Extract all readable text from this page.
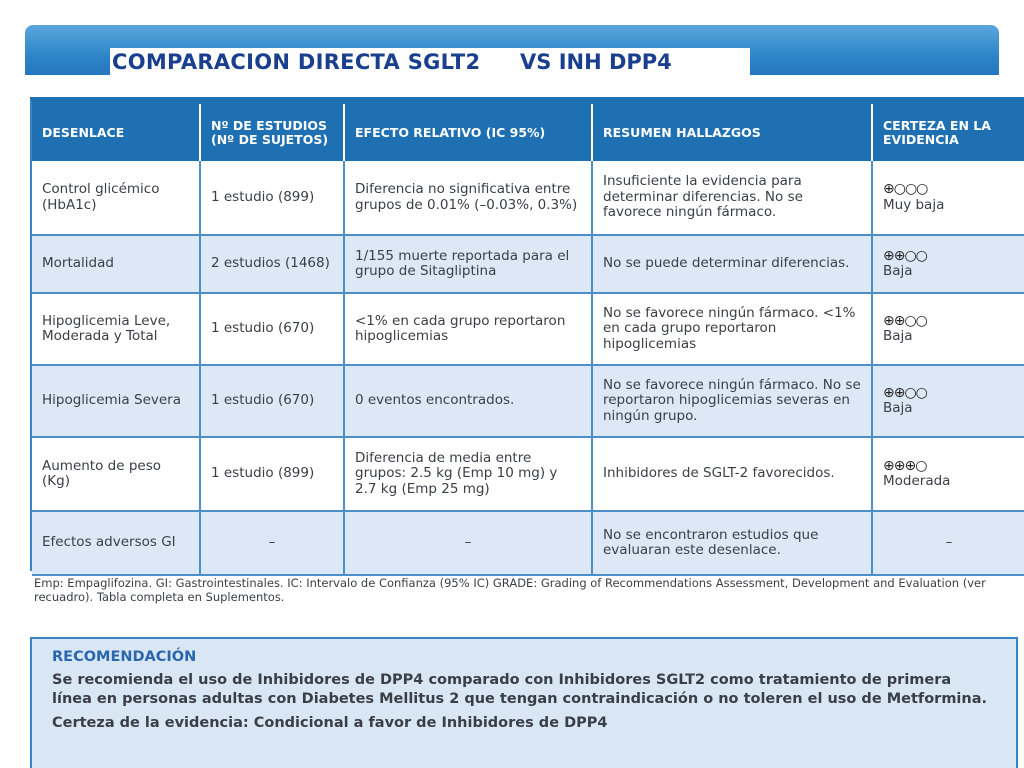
COMPARACION DIRECTA SGLT2	VS INH DPP4
DESENLACE	Nº DE ESTUDIOS (Nº DE SUJETOS)	EFECTO RELATIVO (IC 95%)	RESUMEN HALLAZGOS	CERTEZA EN LA EVIDENCIA
Control glicémico (HbA1c)	1 estudio (899)	Diferencia no significativa entre grupos de 0.01% (–0.03%, 0.3%)	Insuficiente la evidencia para determinar diferencias. No se favorece ningún fármaco.	⊕○○○
Muy baja
Mortalidad	2 estudios (1468)	1/155 muerte reportada para el grupo de Sitagliptina	No se puede determinar diferencias.	⊕⊕○○
Baja
Hipoglicemia Leve, Moderada y Total	1 estudio (670)	<1% en cada grupo reportaron hipoglicemias	No se favorece ningún fármaco. <1% en cada grupo reportaron hipoglicemias	⊕⊕○○
Baja
Hipoglicemia Severa	1 estudio (670)	0 eventos encontrados.	No se favorece ningún fármaco. No se reportaron hipoglicemias severas en ningún grupo.	⊕⊕○○
Baja
Aumento de peso (Kg)	1 estudio (899)	Diferencia de media entre grupos: 2.5 kg (Emp 10 mg) y 2.7 kg (Emp 25 mg)	Inhibidores de SGLT-2 favorecidos.	⊕⊕⊕○
Moderada
Efectos adversos GI	–	–	No se encontraron estudios que evaluaran este desenlace.	–
Emp: Empaglifozina. GI: Gastrointestinales. IC: Intervalo de Confianza (95% IC) GRADE: Grading of Recommendations Assessment, Development and Evaluation (ver recuadro). Tabla completa en Suplementos.
RECOMENDACIÓN
Se recomienda el uso de Inhibidores de DPP4 comparado con Inhibidores SGLT2 como tratamiento de primera línea en personas adultas con Diabetes Mellitus 2 que tengan contraindicación o no toleren el uso de Metformina.
Certeza de la evidencia: Condicional a favor de Inhibidores de DPP4
